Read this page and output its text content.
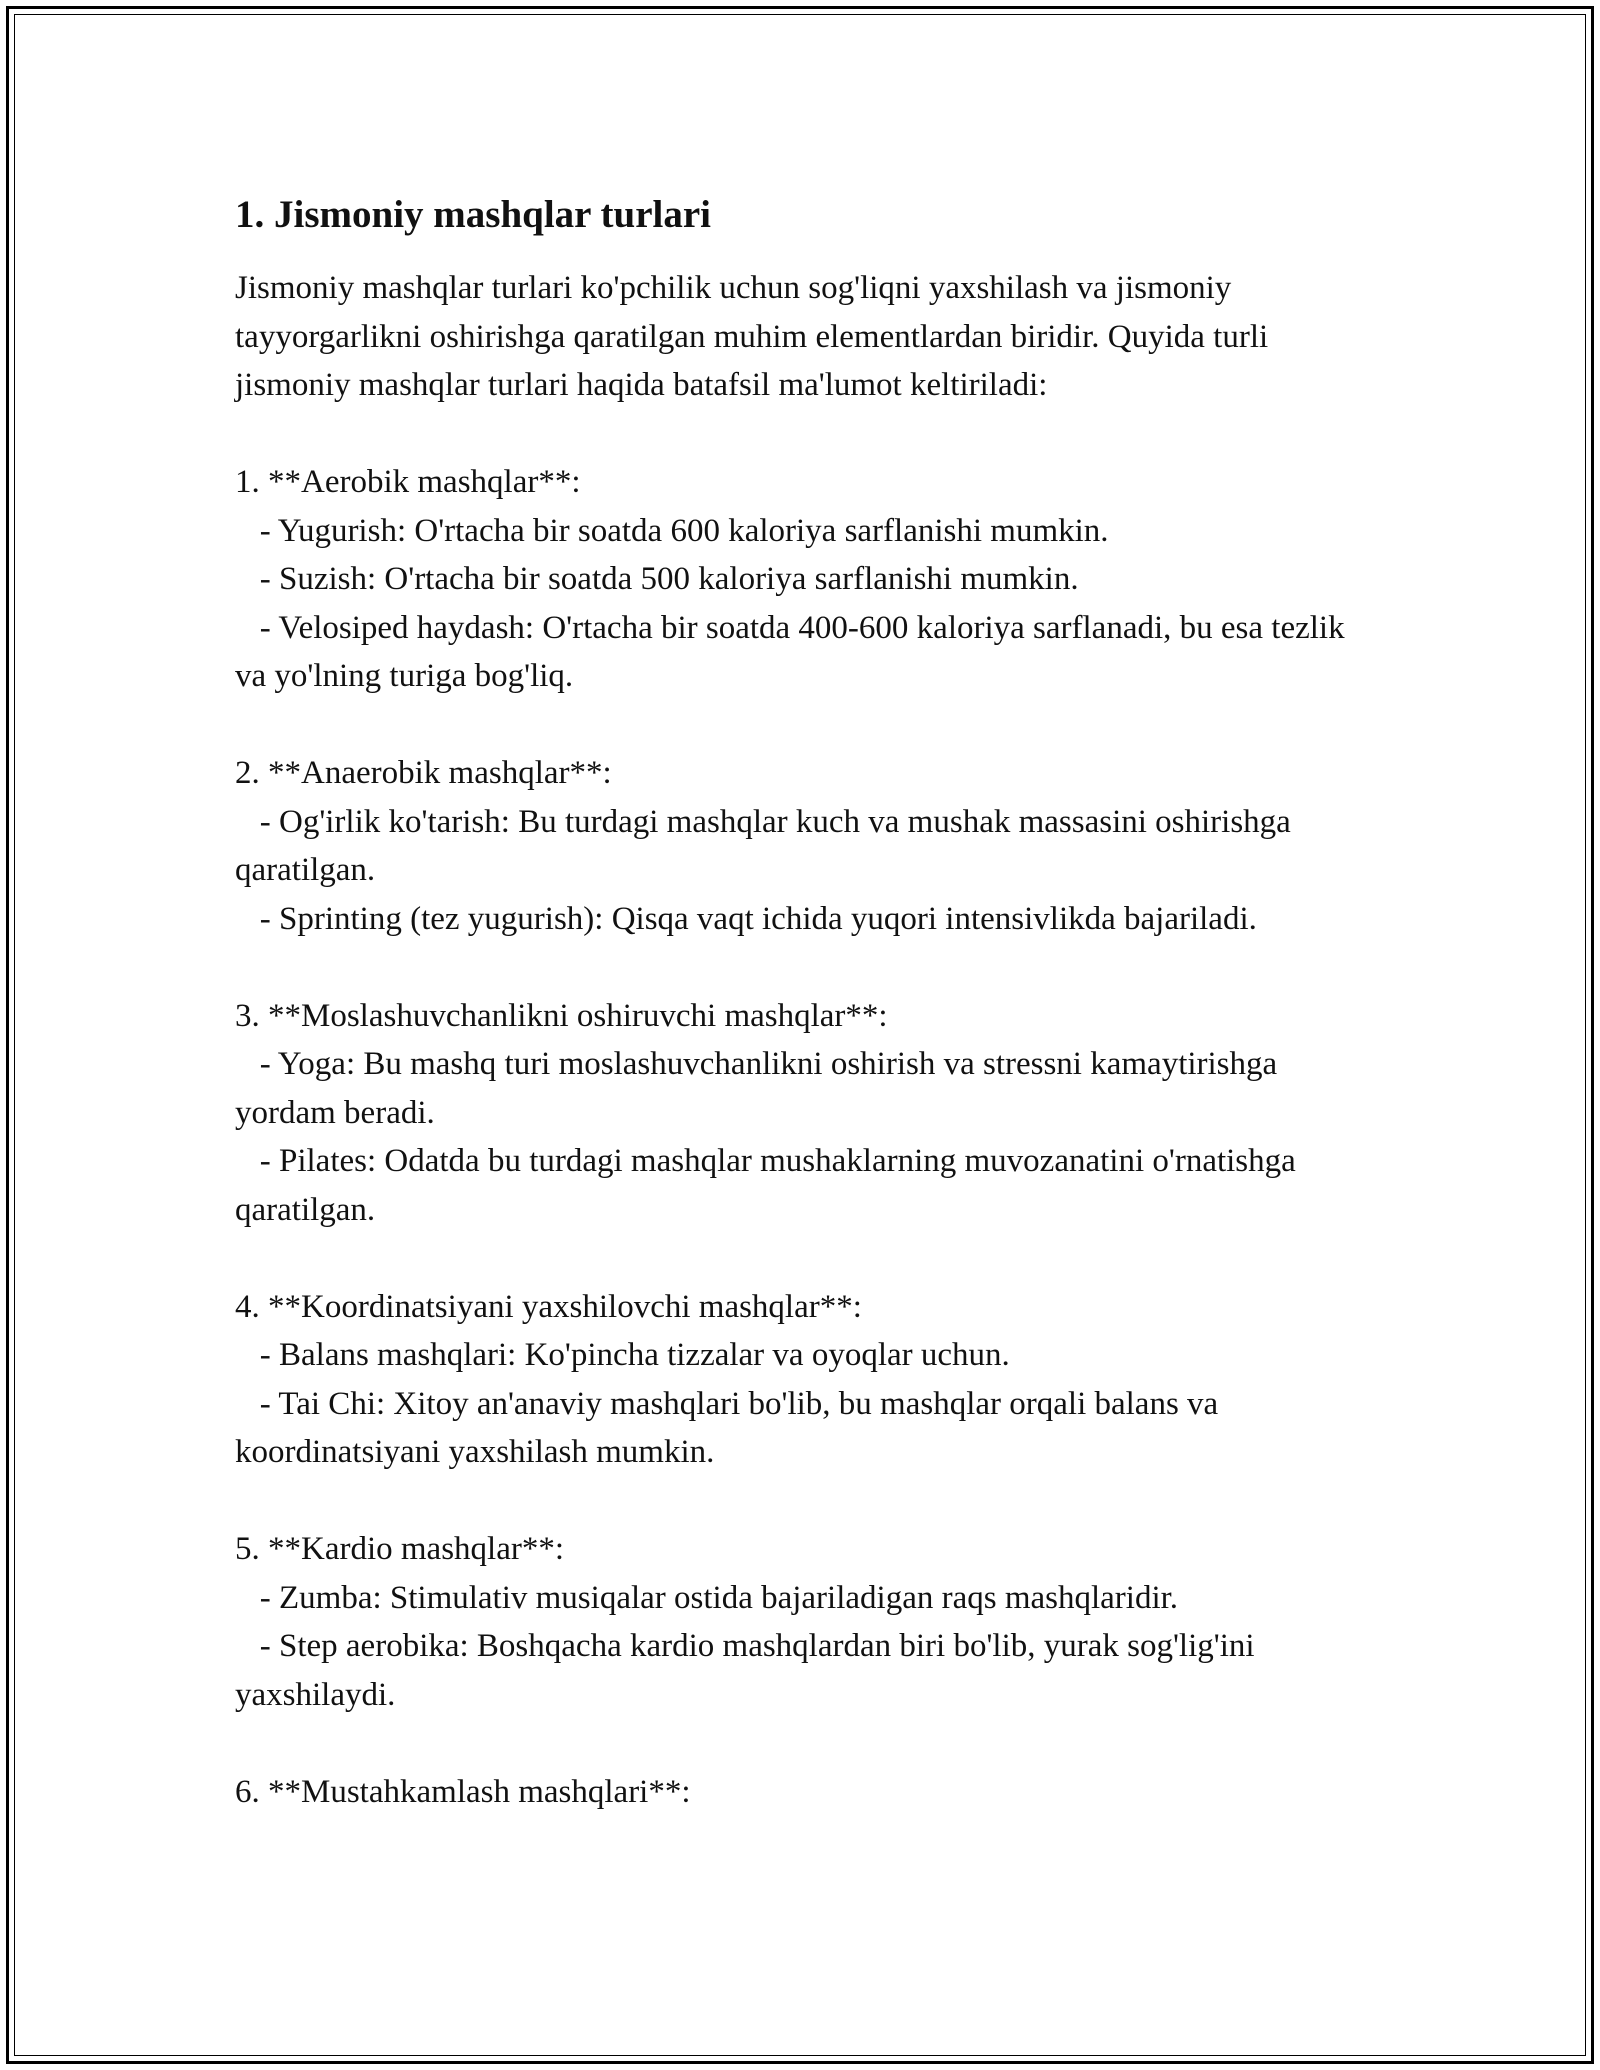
1. Jismoniy mashqlar turlari

Jismoniy mashqlar turlari ko'pchilik uchun sog'liqni yaxshilash va jismoniy tayyorgarlikni oshirishga qaratilgan muhim elementlardan biridir. Quyida turli jismoniy mashqlar turlari haqida batafsil ma'lumot keltiriladi:

1. **Aerobik mashqlar**:

- Yugurish: O'rtacha bir soatda 600 kaloriya sarflanishi mumkin.

- Suzish: O'rtacha bir soatda 500 kaloriya sarflanishi mumkin.

- Velosiped haydash: O'rtacha bir soatda 400-600 kaloriya sarflanadi, bu esa tezlik va yo'lning turiga bog'liq.

2. **Anaerobik mashqlar**:

- Og'irlik ko'tarish: Bu turdagi mashqlar kuch va mushak massasini oshirishga qaratilgan.

- Sprinting (tez yugurish): Qisqa vaqt ichida yuqori intensivlikda bajariladi.

3. **Moslashuvchanlikni oshiruvchi mashqlar**:

- Yoga: Bu mashq turi moslashuvchanlikni oshirish va stressni kamaytirishga yordam beradi.

- Pilates: Odatda bu turdagi mashqlar mushaklarning muvozanatini o'rnatishga qaratilgan.

4. **Koordinatsiyani yaxshilovchi mashqlar**:

- Balans mashqlari: Ko'pincha tizzalar va oyoqlar uchun.

- Tai Chi: Xitoy an'anaviy mashqlari bo'lib, bu mashqlar orqali balans va koordinatsiyani yaxshilash mumkin.

5. **Kardio mashqlar**:

- Zumba: Stimulativ musiqalar ostida bajariladigan raqs mashqlaridir.

- Step aerobika: Boshqacha kardio mashqlardan biri bo'lib, yurak sog'lig'ini yaxshilaydi.

6. **Mustahkamlash mashqlari**:
